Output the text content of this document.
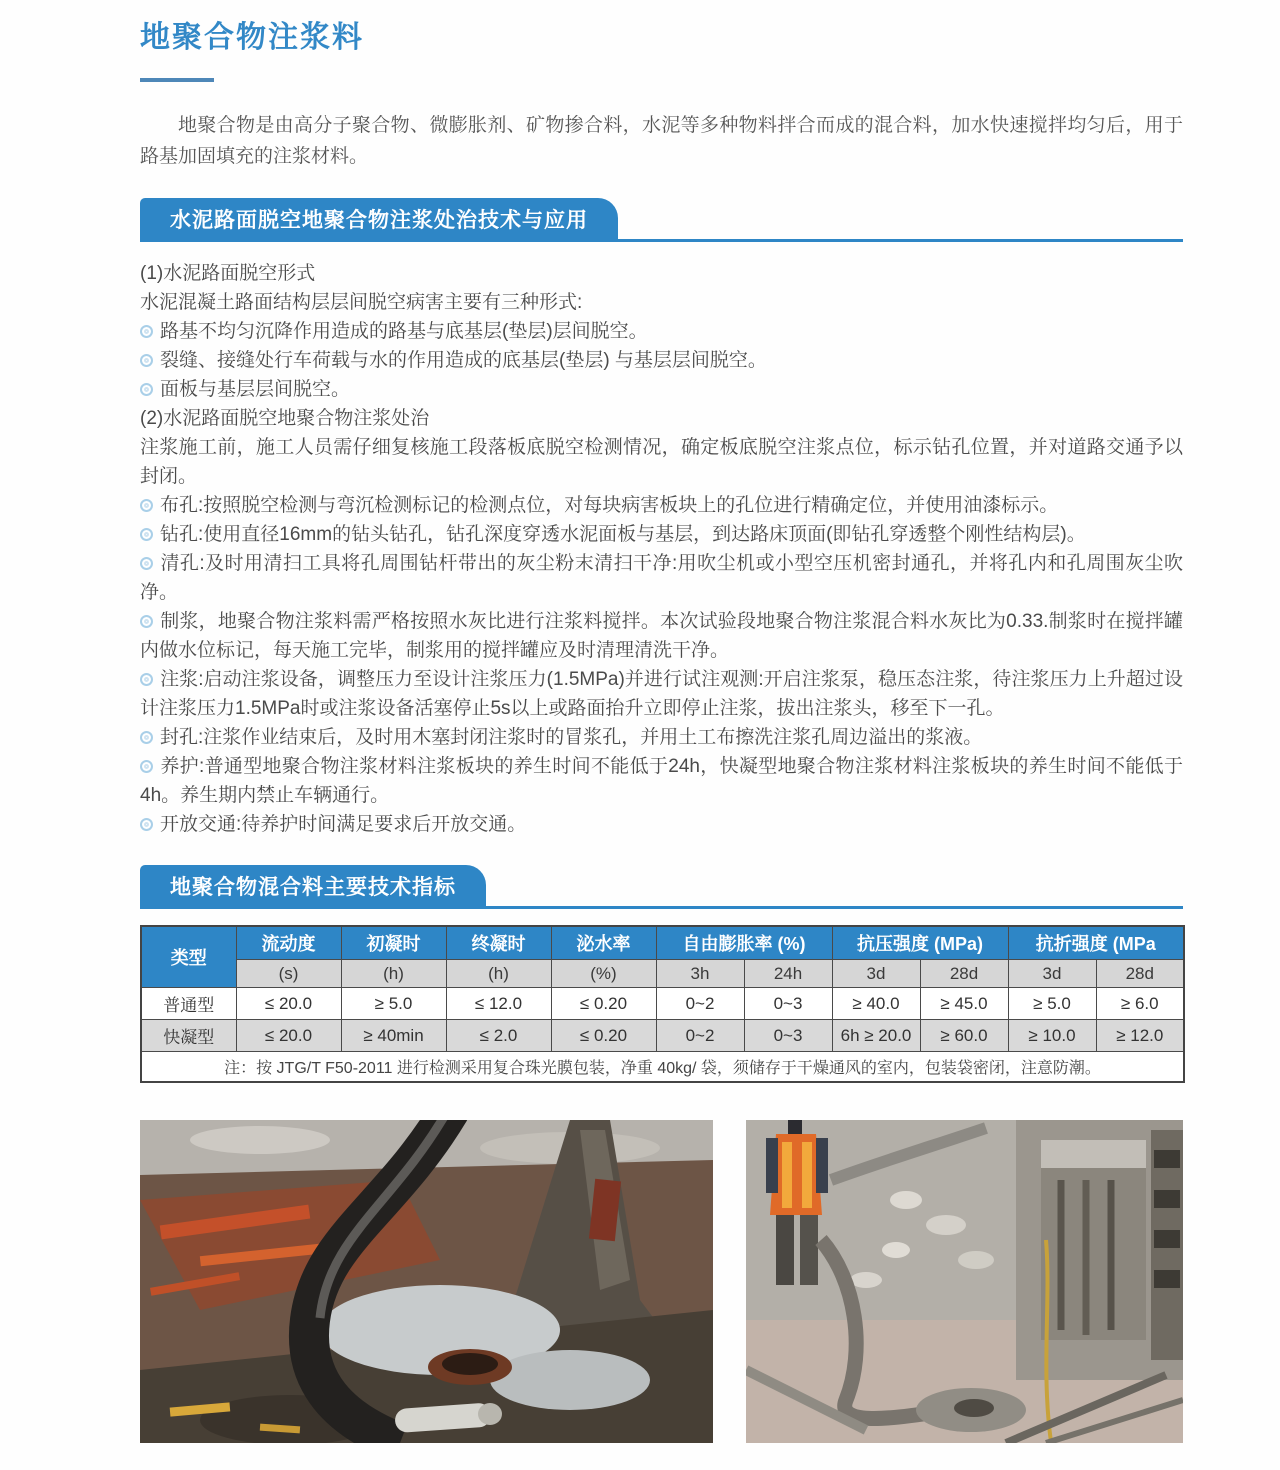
地聚合物注浆料

地聚合物是由高分子聚合物、微膨胀剂、矿物掺合料，水泥等多种物料拌合而成的混合料，加水快速搅拌均匀后，用于路基加固填充的注浆材料。

水泥路面脱空地聚合物注浆处治技术与应用

(1)水泥路面脱空形式

水泥混凝土路面结构层层间脱空病害主要有三种形式:

路基不均匀沉降作用造成的路基与底基层(垫层)层间脱空。

裂缝、接缝处行车荷载与水的作用造成的底基层(垫层) 与基层层间脱空。

面板与基层层间脱空。

(2)水泥路面脱空地聚合物注浆处治

注浆施工前，施工人员需仔细复核施工段落板底脱空检测情况，确定板底脱空注浆点位，标示钻孔位置，并对道路交通予以封闭。

布孔:按照脱空检测与弯沉检测标记的检测点位，对每块病害板块上的孔位进行精确定位，并使用油漆标示。

钻孔:使用直径16mm的钻头钻孔，钻孔深度穿透水泥面板与基层，到达路床顶面(即钻孔穿透整个刚性结构层)。

清孔:及时用清扫工具将孔周围钻杆带出的灰尘粉末清扫干净:用吹尘机或小型空压机密封通孔，并将孔内和孔周围灰尘吹净。

制浆，地聚合物注浆料需严格按照水灰比进行注浆料搅拌。本次试验段地聚合物注浆混合料水灰比为0.33.制浆时在搅拌罐内做水位标记，每天施工完毕，制浆用的搅拌罐应及时清理清洗干净。

注浆:启动注浆设备，调整压力至设计注浆压力(1.5MPa)并进行试注观测:开启注浆泵，稳压态注浆，待注浆压力上升超过设计注浆压力1.5MPa时或注浆设备活塞停止5s以上或路面抬升立即停止注浆，拔出注浆头，移至下一孔。

封孔:注浆作业结束后，及时用木塞封闭注浆时的冒浆孔，并用土工布擦洗注浆孔周边溢出的浆液。

养护:普通型地聚合物注浆材料注浆板块的养生时间不能低于24h，快凝型地聚合物注浆材料注浆板块的养生时间不能低于4h。养生期内禁止车辆通行。

开放交通:待养护时间满足要求后开放交通。

地聚合物混合料主要技术指标
类型	流动度	初凝时	终凝时	泌水率	自由膨胀率 (%)		抗压强度 (MPa)		抗折强度 (MPa	
	(s)	(h)	(h)	(%)	3h	24h	3d	28d	3d	28d
普通型	≤ 20.0	≥ 5.0	≤ 12.0	≤ 0.20	0~2	0~3	≥ 40.0	≥ 45.0	≥ 5.0	≥ 6.0
快凝型	≤ 20.0	≥ 40min	≤ 2.0	≤ 0.20	0~2	0~3	6h ≥ 20.0	≥ 60.0	≥ 10.0	≥ 12.0
注：按 JTG/T F50-2011 进行检测采用复合珠光膜包装，净重 40kg/ 袋，须储存于干燥通风的室内，包装袋密闭，注意防潮。										
